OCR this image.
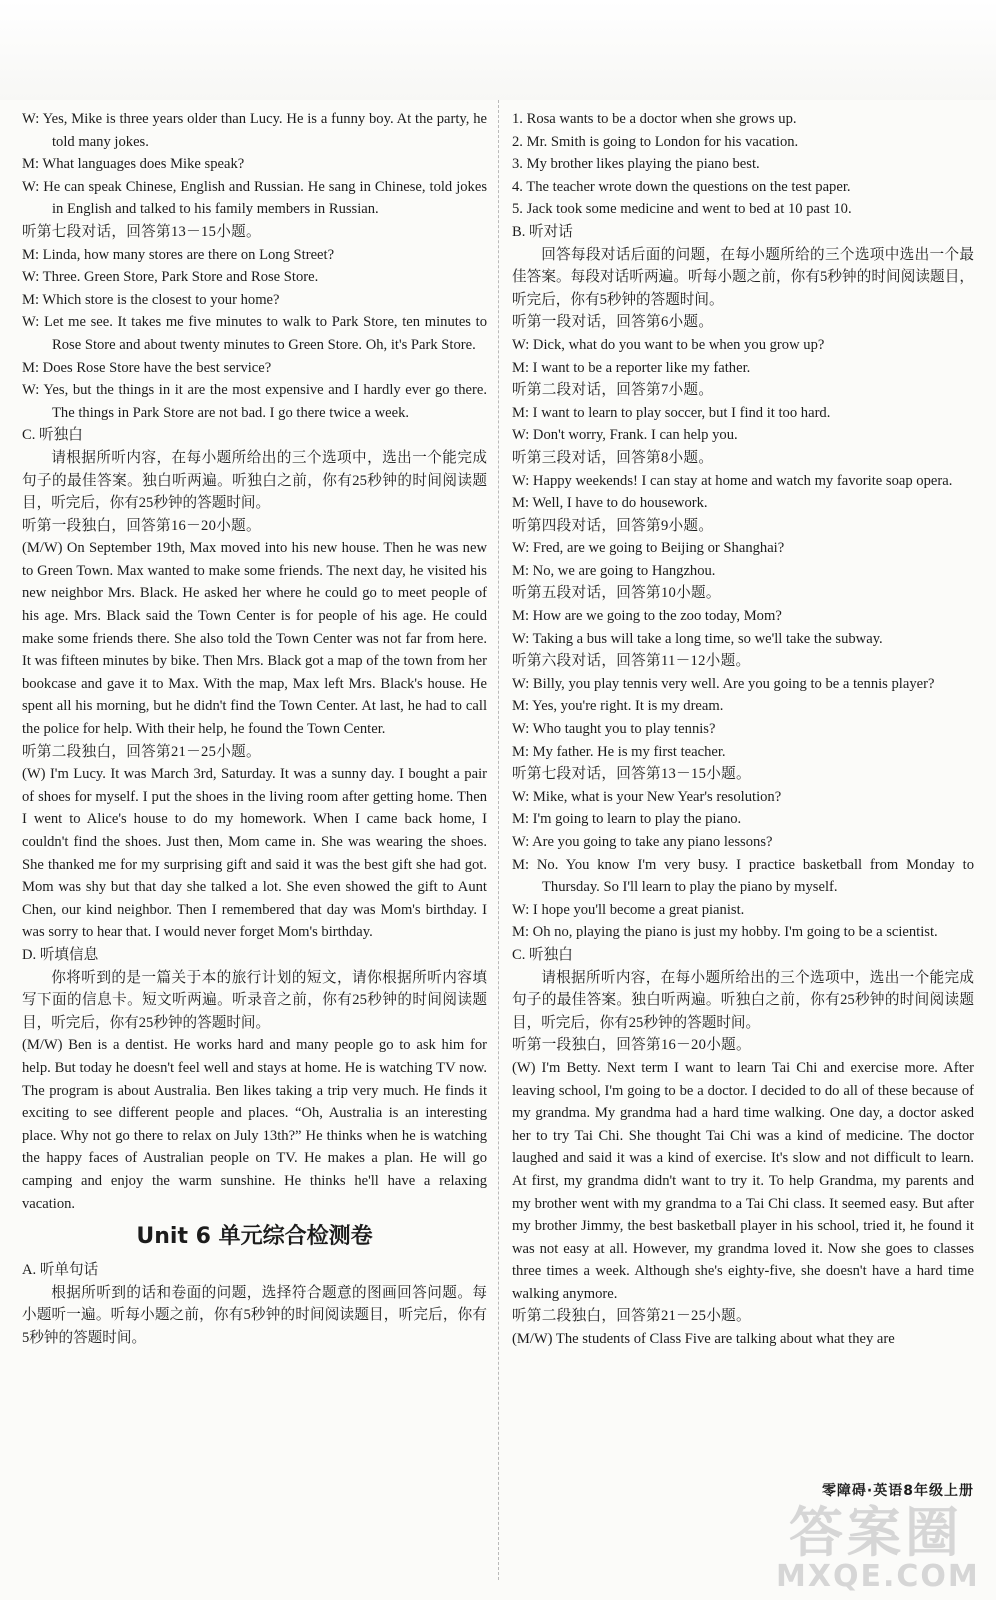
W: Yes, Mike is three years older than Lucy. He is a funny boy. At the party, he told many jokes.
M: What languages does Mike speak?
W: He can speak Chinese, English and Russian. He sang in Chinese, told jokes in English and talked to his family members in Russian.
听第七段对话，回答第13－15小题。
M: Linda, how many stores are there on Long Street?
W: Three. Green Store, Park Store and Rose Store.
M: Which store is the closest to your home?
W: Let me see. It takes me five minutes to walk to Park Store, ten minutes to Rose Store and about twenty minutes to Green Store. Oh, it's Park Store.
M: Does Rose Store have the best service?
W: Yes, but the things in it are the most expensive and I hardly ever go there. The things in Park Store are not bad. I go there twice a week.
C. 听独白
请根据所听内容，在每小题所给出的三个选项中，选出一个能完成句子的最佳答案。独白听两遍。听独白之前，你有25秒钟的时间阅读题目，听完后，你有25秒钟的答题时间。
听第一段独白，回答第16－20小题。
(M/W) On September 19th, Max moved into his new house. Then he was new to Green Town. Max wanted to make some friends. The next day, he visited his new neighbor Mrs. Black. He asked her where he could go to meet people of his age. Mrs. Black said the Town Center is for people of his age. He could make some friends there. She also told the Town Center was not far from here. It was fifteen minutes by bike. Then Mrs. Black got a map of the town from her bookcase and gave it to Max. With the map, Max left Mrs. Black's house. He spent all his morning, but he didn't find the Town Center. At last, he had to call the police for help. With their help, he found the Town Center.
听第二段独白，回答第21－25小题。
(W) I'm Lucy. It was March 3rd, Saturday. It was a sunny day. I bought a pair of shoes for myself. I put the shoes in the living room after getting home. Then I went to Alice's house to do my homework. When I came back home, I couldn't find the shoes. Just then, Mom came in. She was wearing the shoes. She thanked me for my surprising gift and said it was the best gift she had got. Mom was shy but that day she talked a lot. She even showed the gift to Aunt Chen, our kind neighbor. Then I remembered that day was Mom's birthday. I was sorry to hear that. I would never forget Mom's birthday.
D. 听填信息
你将听到的是一篇关于本的旅行计划的短文，请你根据所听内容填写下面的信息卡。短文听两遍。听录音之前，你有25秒钟的时间阅读题目，听完后，你有25秒钟的答题时间。
(M/W) Ben is a dentist. He works hard and many people go to ask him for help. But today he doesn't feel well and stays at home. He is watching TV now. The program is about Australia. Ben likes taking a trip very much. He finds it exciting to see different people and places. “Oh, Australia is an interesting place. Why not go there to relax on July 13th?” He thinks when he is watching the happy faces of Australian people on TV. He makes a plan. He will go camping and enjoy the warm sunshine. He thinks he'll have a relaxing vacation.
Unit 6 单元综合检测卷
A. 听单句话
根据所听到的话和卷面的问题，选择符合题意的图画回答问题。每小题听一遍。听每小题之前，你有5秒钟的时间阅读题目，听完后，你有5秒钟的答题时间。
1. Rosa wants to be a doctor when she grows up.
2. Mr. Smith is going to London for his vacation.
3. My brother likes playing the piano best.
4. The teacher wrote down the questions on the test paper.
5. Jack took some medicine and went to bed at 10 past 10.
B. 听对话
回答每段对话后面的问题，在每小题所给的三个选项中选出一个最佳答案。每段对话听两遍。听每小题之前，你有5秒钟的时间阅读题目，听完后，你有5秒钟的答题时间。
听第一段对话，回答第6小题。
W: Dick, what do you want to be when you grow up?
M: I want to be a reporter like my father.
听第二段对话，回答第7小题。
M: I want to learn to play soccer, but I find it too hard.
W: Don't worry, Frank. I can help you.
听第三段对话，回答第8小题。
W: Happy weekends! I can stay at home and watch my favorite soap opera.
M: Well, I have to do housework.
听第四段对话，回答第9小题。
W: Fred, are we going to Beijing or Shanghai?
M: No, we are going to Hangzhou.
听第五段对话，回答第10小题。
M: How are we going to the zoo today, Mom?
W: Taking a bus will take a long time, so we'll take the subway.
听第六段对话，回答第11－12小题。
W: Billy, you play tennis very well. Are you going to be a tennis player?
M: Yes, you're right. It is my dream.
W: Who taught you to play tennis?
M: My father. He is my first teacher.
听第七段对话，回答第13－15小题。
W: Mike, what is your New Year's resolution?
M: I'm going to learn to play the piano.
W: Are you going to take any piano lessons?
M: No. You know I'm very busy. I practice basketball from Monday to Thursday. So I'll learn to play the piano by myself.
W: I hope you'll become a great pianist.
M: Oh no, playing the piano is just my hobby. I'm going to be a scientist.
C. 听独白
请根据所听内容，在每小题所给出的三个选项中，选出一个能完成句子的最佳答案。独白听两遍。听独白之前，你有25秒钟的时间阅读题目，听完后，你有25秒钟的答题时间。
听第一段独白，回答第16－20小题。
(W) I'm Betty. Next term I want to learn Tai Chi and exercise more. After leaving school, I'm going to be a doctor. I decided to do all of these because of my grandma. My grandma had a hard time walking. One day, a doctor asked her to try Tai Chi. She thought Tai Chi was a kind of medicine. The doctor laughed and said it was a kind of exercise. It's slow and not difficult to learn. At first, my grandma didn't want to try it. To help Grandma, my parents and my brother went with my grandma to a Tai Chi class. It seemed easy. But after my brother Jimmy, the best basketball player in his school, tried it, he found it was not easy at all. However, my grandma loved it. Now she goes to classes three times a week. Although she's eighty-five, she doesn't have a hard time walking anymore.
听第二段独白，回答第21－25小题。
(M/W) The students of Class Five are talking about what they are
零障碍·英语8年级上册
答案圈
MXQE.COM
